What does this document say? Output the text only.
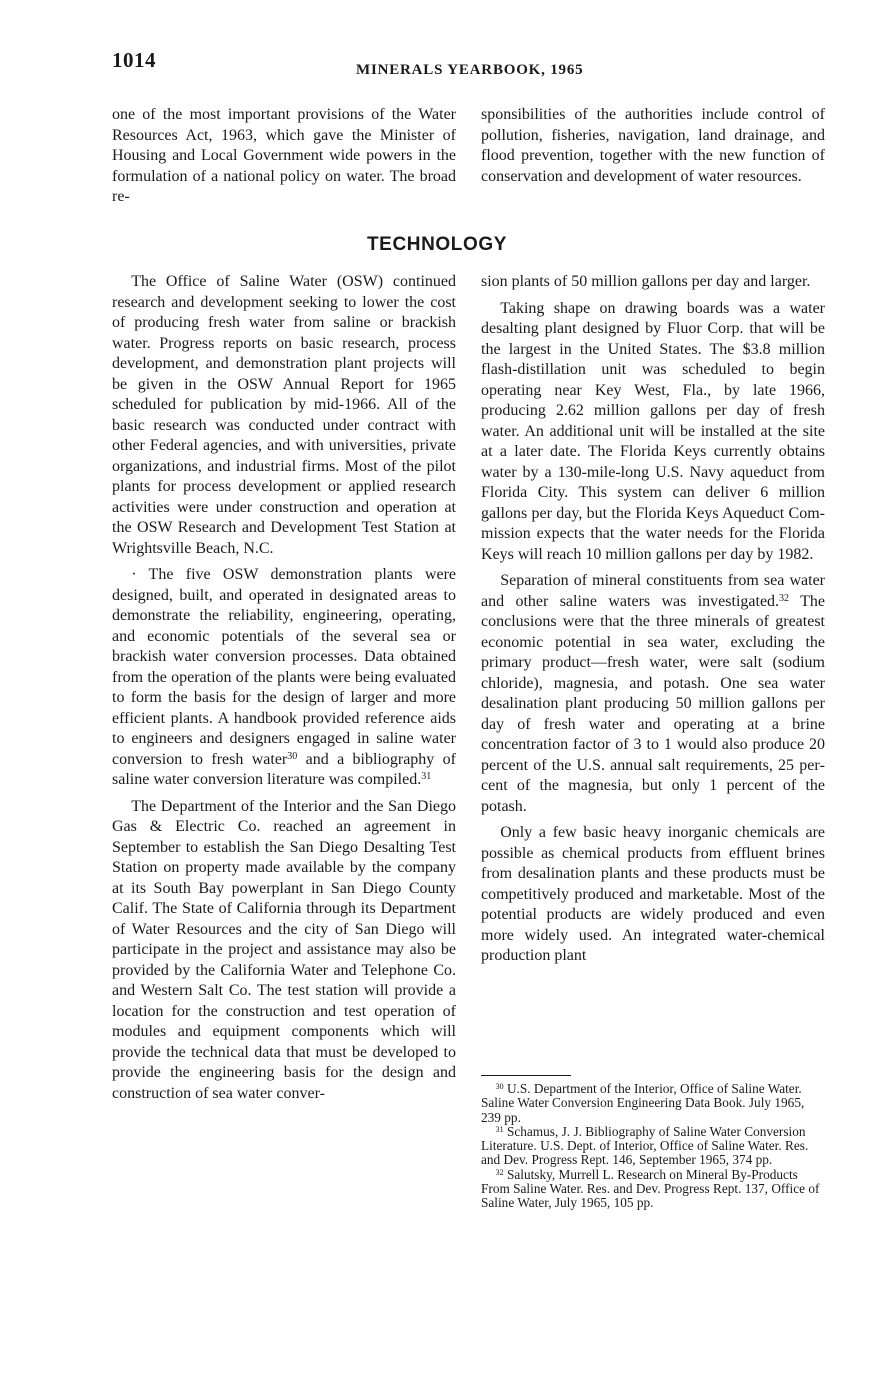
1014	MINERALS YEARBOOK, 1965

one of the most important provisions of the Water Resources Act, 1963, which gave the Minister of Housing and Local Government wide powers in the formulation of a national policy on water. The broad re-

sponsibilities of the authorities include control of pollution, fisheries, navigation, land drainage, and flood prevention, together with the new function of conservation and development of water resources.

TECHNOLOGY

The Office of Saline Water (OSW) continued research and development seeking to lower the cost of producing fresh water from saline or brackish water. Progress reports on basic research, process development, and demonstration plant projects will be given in the OSW Annual Report for 1965 scheduled for publication by mid-1966. All of the basic research was conducted under contract with other Federal agencies, and with universities, private organizations, and industrial firms. Most of the pilot plants for process development or applied research activities were under construction and operation at the OSW Research and Development Test Station at Wrightsville Beach, N.C.

· The five OSW demonstration plants were designed, built, and operated in designated areas to demonstrate the reliability, engineering, operating, and economic potentials of the several sea or brackish water conversion processes. Data obtained from the operation of the plants were being evaluated to form the basis for the design of larger and more efficient plants. A handbook provided reference aids to engineers and designers engaged in saline water conversion to fresh water$^{30}$ and a bibliography of saline water conversion literature was compiled.$^{31}$

The Department of the Interior and the San Diego Gas & Electric Co. reached an agreement in September to establish the San Diego Desalting Test Station on property made available by the company at its South Bay powerplant in San Diego County Calif. The State of California through its Department of Water Resources and the city of San Diego will participate in the project and assistance may also be provided by the California Water and Telephone Co. and Western Salt Co. The test station will provide a location for the construction and test operation of modules and equipment components which will provide the technical data that must be developed to provide the engineering basis for the design and construction of sea water conver-

sion plants of 50 million gallons per day and larger.

Taking shape on drawing boards was a water desalting plant designed by Fluor Corp. that will be the largest in the United States. The $3.8 million flash-distillation unit was scheduled to begin operating near Key West, Fla., by late 1966, producing 2.62 million gallons per day of fresh water. An additional unit will be installed at the site at a later date. The Florida Keys currently obtains water by a 130-mile-long U.S. Navy aqueduct from Florida City. This system can deliver 6 million gallons per day, but the Florida Keys Aqueduct Commission expects that the water needs for the Florida Keys will reach 10 million gallons per day by 1982.

Separation of mineral constituents from sea water and other saline waters was investigated.$^{32}$ The conclusions were that the three minerals of greatest economic potential in sea water, excluding the primary product—fresh water, were salt (sodium chloride), magnesia, and potash. One sea water desalination plant producing 50 million gallons per day of fresh water and operating at a brine concentration factor of 3 to 1 would also produce 20 percent of the U.S. annual salt requirements, 25 percent of the magnesia, but only 1 percent of the potash.

Only a few basic heavy inorganic chemicals are possible as chemical products from effluent brines from desalination plants and these products must be competitively produced and marketable. Most of the potential products are widely produced and even more widely used. An integrated water-chemical production plant

$^{30}$ U.S. Department of the Interior, Office of Saline Water. Saline Water Conversion Engineering Data Book. July 1965, 239 pp.

$^{31}$ Schamus, J. J. Bibliography of Saline Water Conversion Literature. U.S. Dept. of Interior, Office of Saline Water. Res. and Dev. Progress Rept. 146, September 1965, 374 pp.

$^{32}$ Salutsky, Murrell L. Research on Mineral By-Products From Saline Water. Res. and Dev. Progress Rept. 137, Office of Saline Water, July 1965, 105 pp.
